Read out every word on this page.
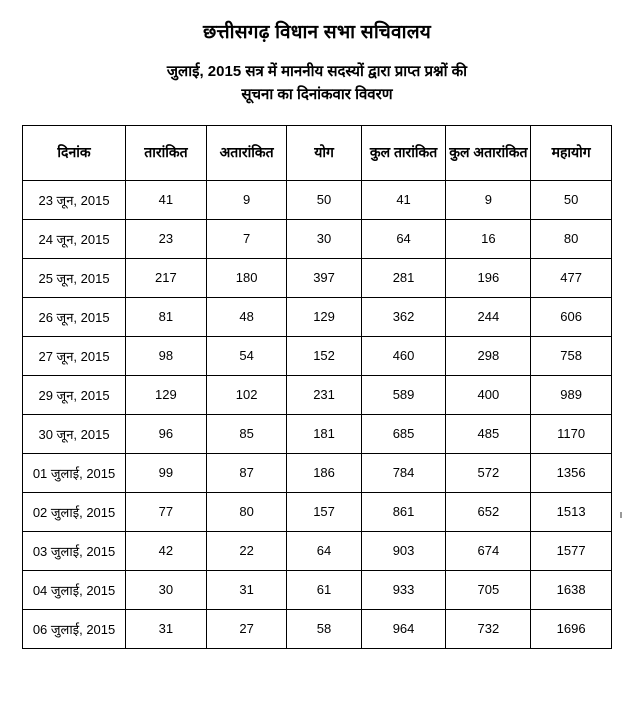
छत्तीसगढ़ विधान सभा सचिवालय
जुलाई, 2015 सत्र में माननीय सदस्यों द्वारा प्राप्त प्रश्नों की
सूचना का दिनांकवार विवरण
दिनांक	तारांकित	अतारांकित	योग	कुल तारांकित	कुल अतारांकित	महायोग
23 जून, 2015	41	9	50	41	9	50
24 जून, 2015	23	7	30	64	16	80
25 जून, 2015	217	180	397	281	196	477
26 जून, 2015	81	48	129	362	244	606
27 जून, 2015	98	54	152	460	298	758
29 जून, 2015	129	102	231	589	400	989
30 जून, 2015	96	85	181	685	485	1170
01 जुलाई, 2015	99	87	186	784	572	1356
02 जुलाई, 2015	77	80	157	861	652	1513
03 जुलाई, 2015	42	22	64	903	674	1577
04 जुलाई, 2015	30	31	61	933	705	1638
06 जुलाई, 2015	31	27	58	964	732	1696
